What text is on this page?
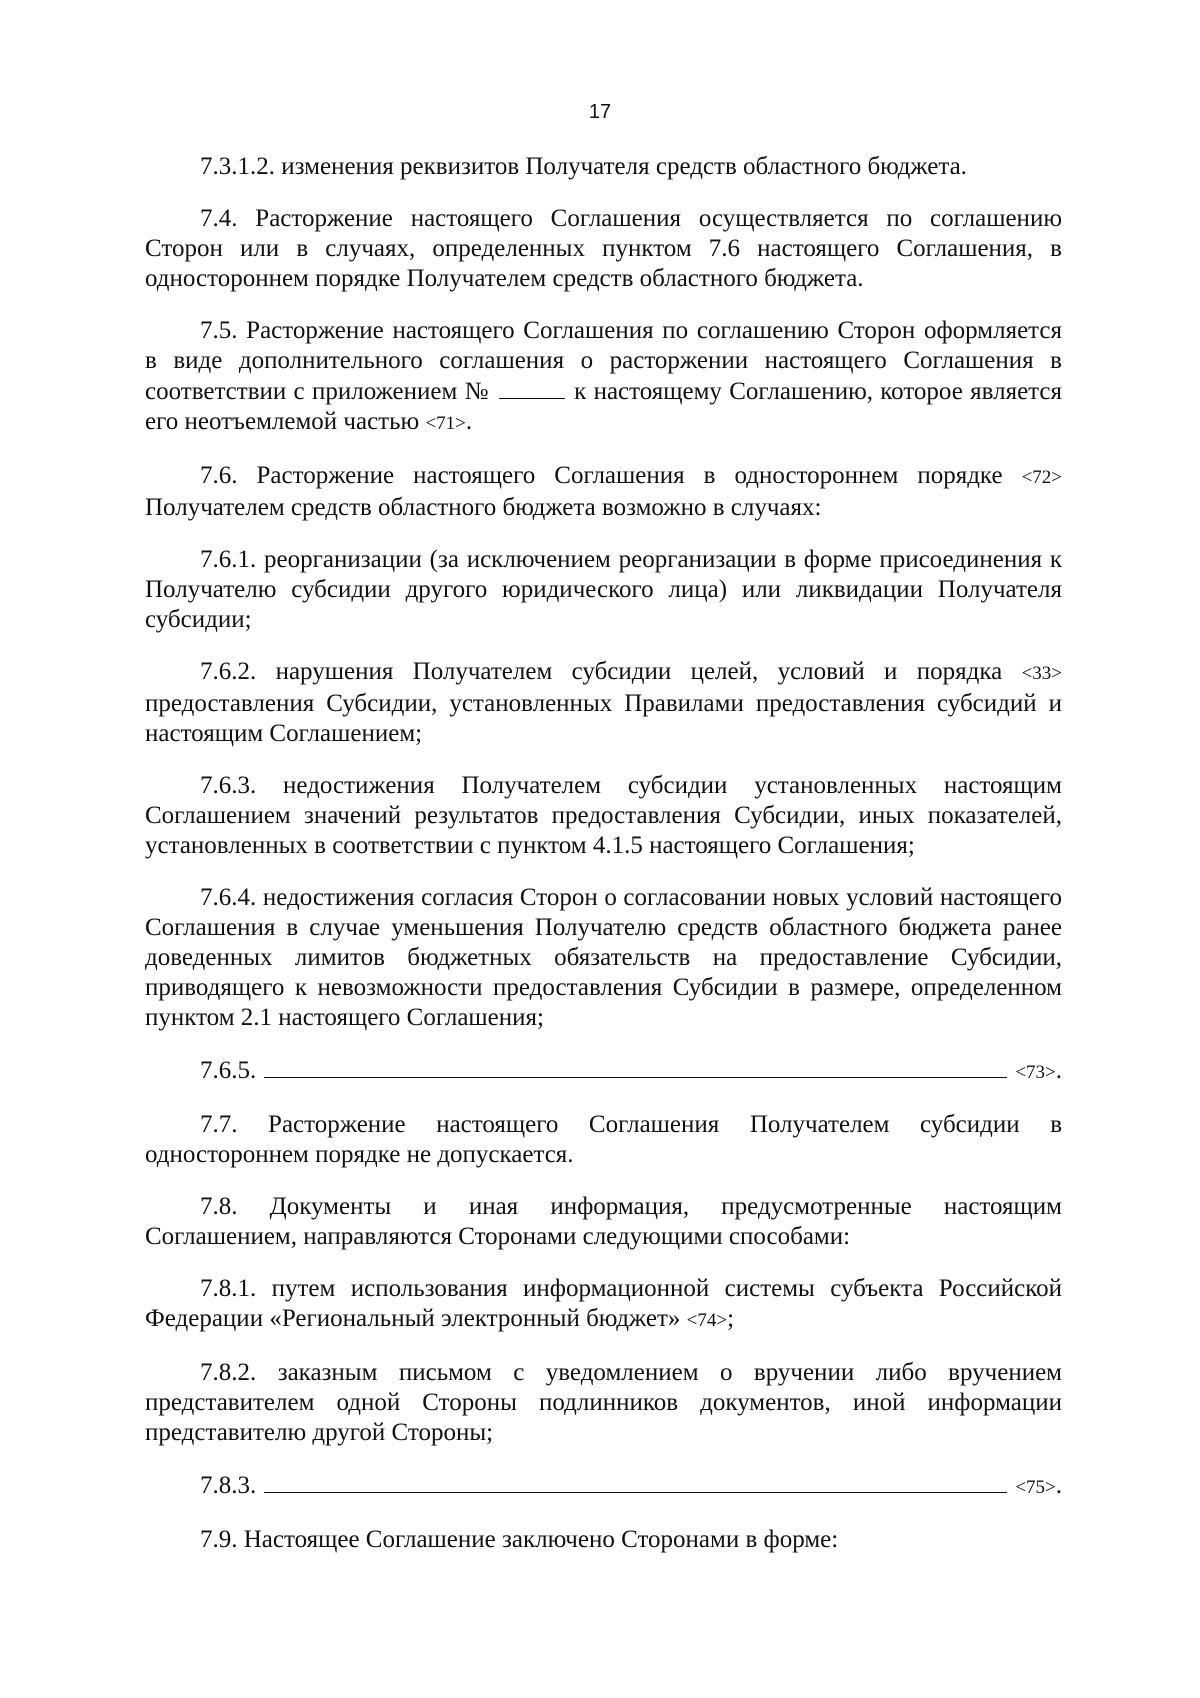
17

7.3.1.2. изменения реквизитов Получателя средств областного бюджета.

7.4. Расторжение настоящего Соглашения осуществляется по соглашению Сторон или в случаях, определенных пунктом 7.6 настоящего Соглашения, в одностороннем порядке Получателем средств областного бюджета.

7.5. Расторжение настоящего Соглашения по соглашению Сторон оформляется в виде дополнительного соглашения о расторжении настоящего Соглашения в соответствии с приложением №	к настоящему Соглашению, которое является его неотъемлемой частью <71>.

7.6. Расторжение настоящего Соглашения в одностороннем порядке <72> Получателем средств областного бюджета возможно в случаях:

7.6.1. реорганизации (за исключением реорганизации в форме присоединения к Получателю субсидии другого юридического лица) или ликвидации Получателя субсидии;

7.6.2. нарушения Получателем субсидии целей, условий и порядка <33> предоставления Субсидии, установленных Правилами предоставления субсидий и настоящим Соглашением;

7.6.3. недостижения Получателем субсидии установленных настоящим Соглашением значений результатов предоставления Субсидии, иных показателей, установленных в соответствии с пунктом 4.1.5 настоящего Соглашения;

7.6.4. недостижения согласия Сторон о согласовании новых условий настоящего Соглашения в случае уменьшения Получателю средств областного бюджета ранее доведенных лимитов бюджетных обязательств на предоставление Субсидии, приводящего к невозможности предоставления Субсидии в размере, определенном пунктом 2.1 настоящего Соглашения;

7.6.5.	<73>.

7.7. Расторжение настоящего Соглашения Получателем субсидии в одностороннем порядке не допускается.

7.8. Документы и иная информация, предусмотренные настоящим Соглашением, направляются Сторонами следующими способами:

7.8.1. путем использования информационной системы субъекта Российской Федерации «Региональный электронный бюджет» <74>;

7.8.2. заказным письмом с уведомлением о вручении либо вручением представителем одной Стороны подлинников документов, иной информации представителю другой Стороны;

7.8.3.	<75>.

7.9. Настоящее Соглашение заключено Сторонами в форме:
